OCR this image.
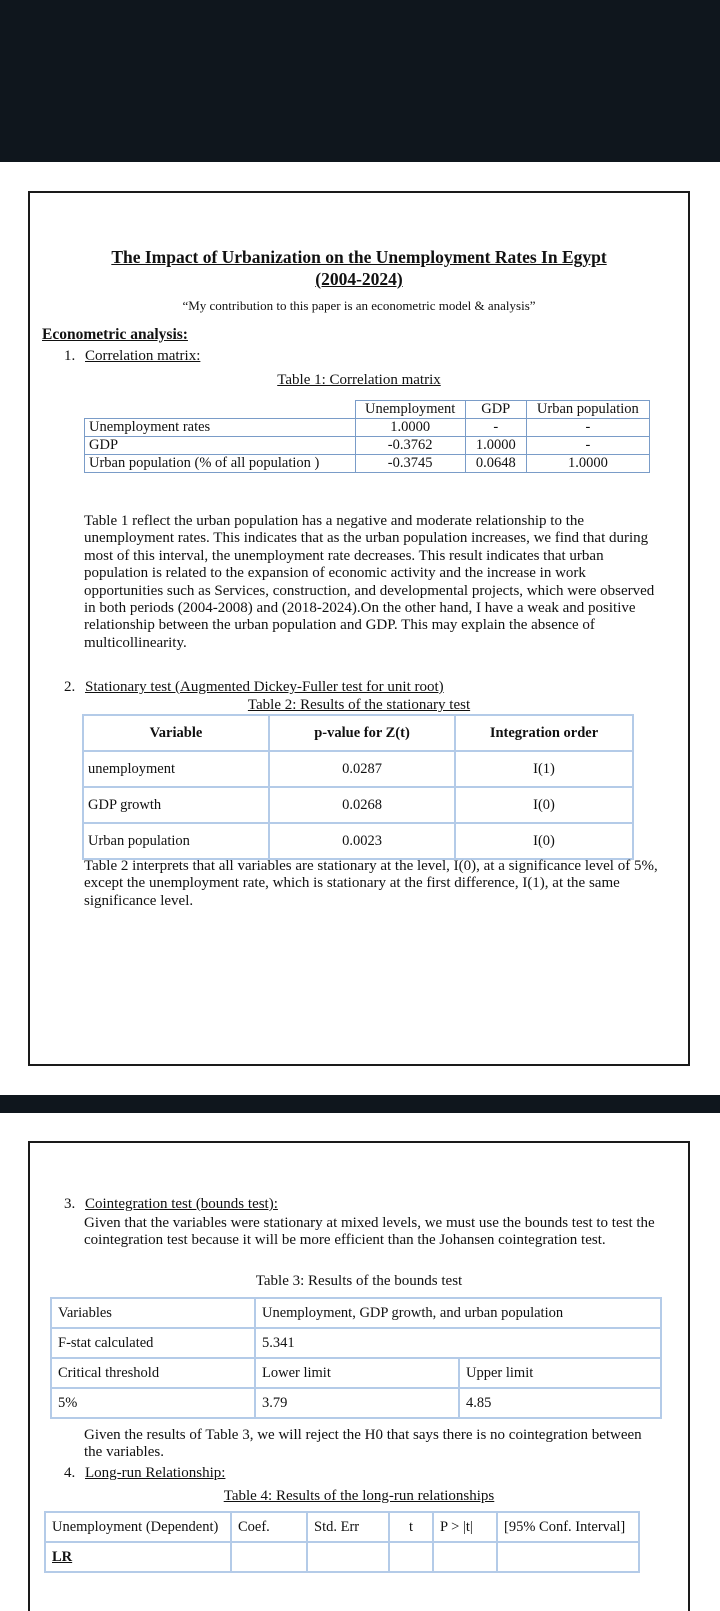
The Impact of Urbanization on the Unemployment Rates In Egypt
(2004-2024)
“My contribution to this paper is an econometric model & analysis”
Econometric analysis:
1. Correlation matrix:
Table 1: Correlation matrix
	Unemployment	GDP	Urban population
Unemployment rates	1.0000	-	-
GDP	-0.3762	1.0000	-
Urban population (% of all population )	-0.3745	0.0648	1.0000
Table 1 reflect the urban population has a negative and moderate relationship to the unemployment rates. This indicates that as the urban population increases, we find that during most of this interval, the unemployment rate decreases. This result indicates that urban population is related to the expansion of economic activity and the increase in work opportunities such as Services, construction, and developmental projects, which were observed in both periods (2004-2008) and (2018-2024).On the other hand, I have a weak and positive relationship between the urban population and GDP. This may explain the absence of multicollinearity.
2. Stationary test (Augmented Dickey-Fuller test for unit root)
Table 2: Results of the stationary test
Variable	p-value for Z(t)	Integration order
unemployment	0.0287	I(1)
GDP growth	0.0268	I(0)
Urban population	0.0023	I(0)
Table 2 interprets that all variables are stationary at the level, I(0), at a significance level of 5%, except the unemployment rate, which is stationary at the first difference, I(1), at the same significance level.
3. Cointegration test (bounds test):
Given that the variables were stationary at mixed levels, we must use the bounds test to test the cointegration test because it will be more efficient than the Johansen cointegration test.
Table 3: Results of the bounds test
Variables	Unemployment, GDP growth, and urban population	
F-stat calculated	5.341	
Critical threshold	Lower limit	Upper limit
5%	3.79	4.85
Given the results of Table 3, we will reject the H0 that says there is no cointegration between the variables.
4. Long-run Relationship:
Table 4: Results of the long-run relationships
Unemployment (Dependent)	Coef.	Std. Err	t	P > |t|	[95% Conf. Interval]
LR					
